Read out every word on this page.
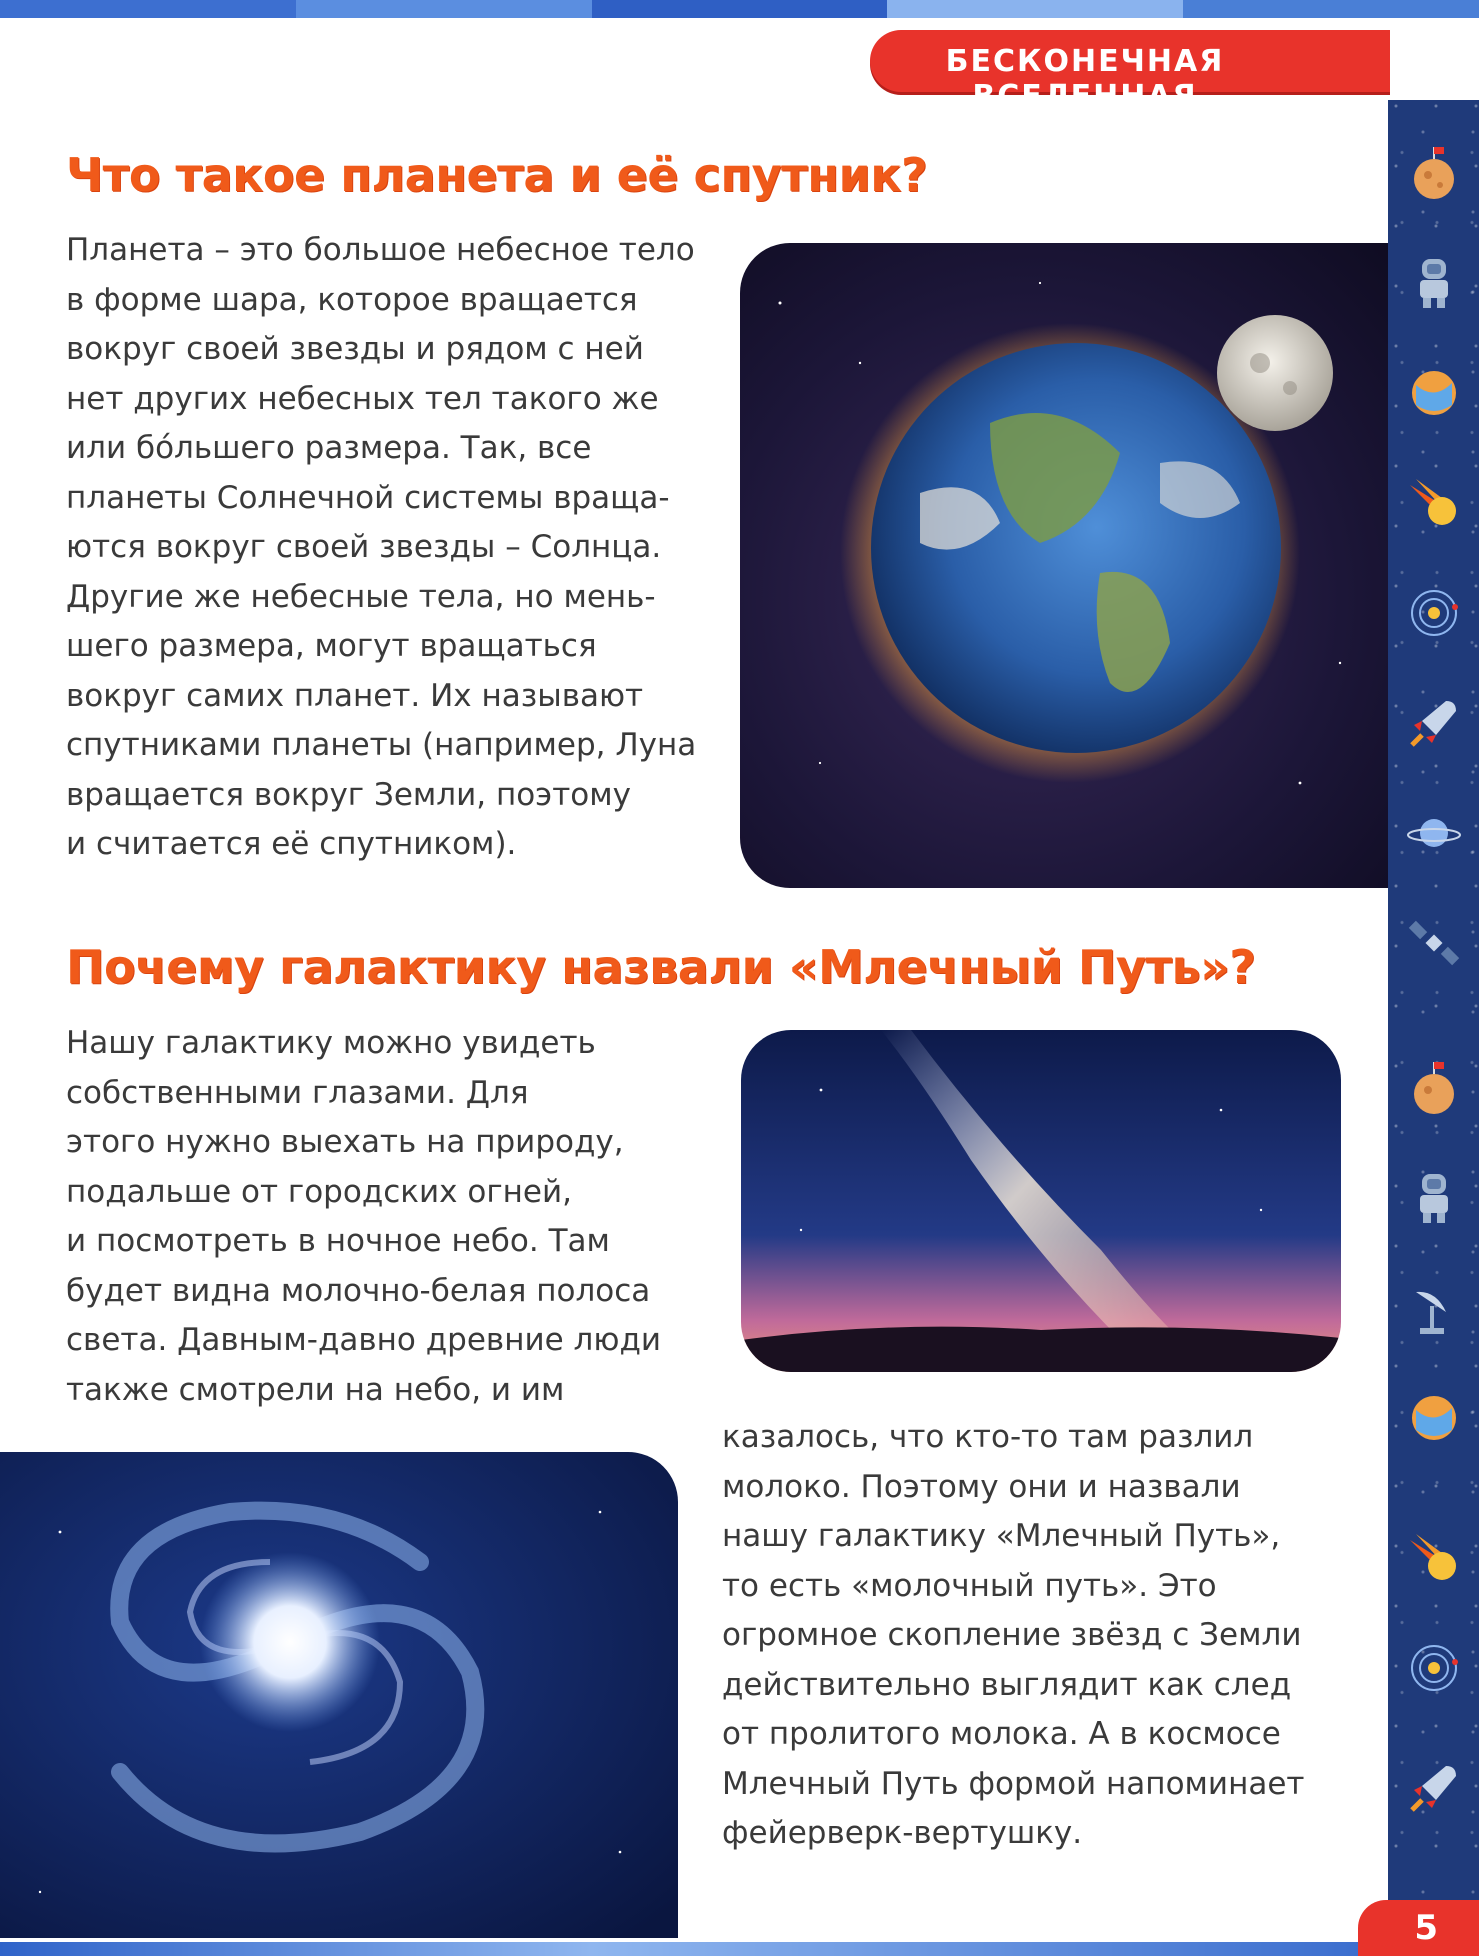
БЕСКОНЕЧНАЯ ВСЕЛЕННАЯ
Что такое планета и её спутник?
Планета – это большое небесное тело
в форме шара, которое вращается
вокруг своей звезды и рядом с ней
нет других небесных тел такого же
или бо́льшего размера. Так, все
планеты Солнечной системы враща-
ются вокруг своей звезды – Солнца.
Другие же небесные тела, но мень-
шего размера, могут вращаться
вокруг самих планет. Их называют
спутниками планеты (например, Луна
вращается вокруг Земли, поэтому
и считается её спутником).
Почему галактику назвали «Млечный Путь»?
Нашу галактику можно увидеть
собственными глазами. Для
этого нужно выехать на природу,
подальше от городских огней,
и посмотреть в ночное небо. Там
будет видна молочно-белая полоса
света. Давным-давно древние люди
также смотрели на небо, и им
казалось, что кто-то там разлил
молоко. Поэтому они и назвали
нашу галактику «Млечный Путь»,
то есть «молочный путь». Это
огромное скопление звёзд с Земли
действительно выглядит как след
от пролитого молока. А в космосе
Млечный Путь формой напоминает
фейерверк-вертушку.
5
